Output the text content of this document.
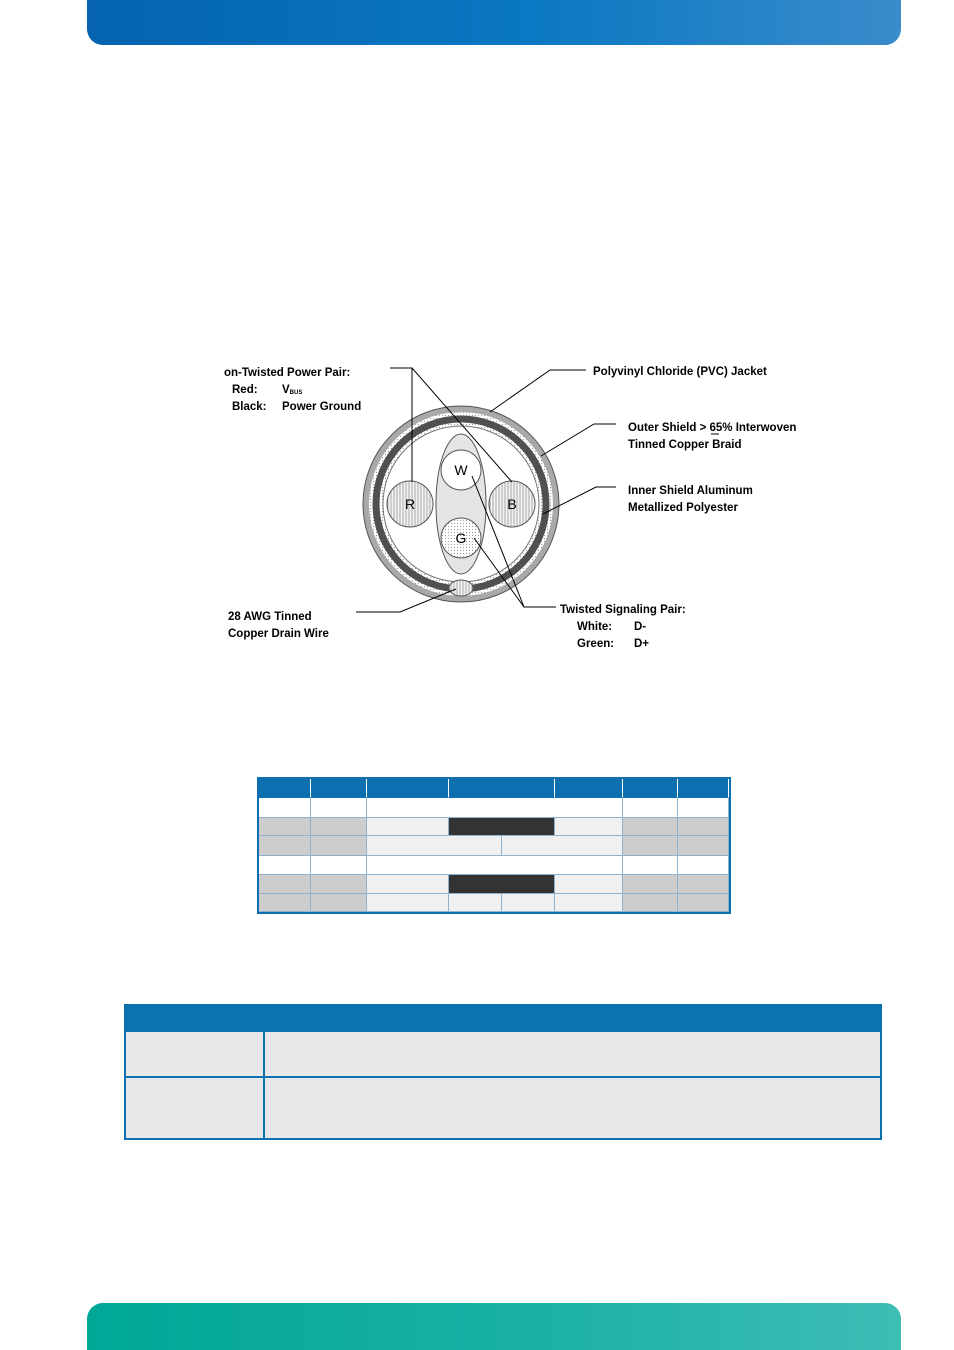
R	B
W
G
on-Twisted Power Pair:
Red: VBUS
Black: Power Ground
Polyvinyl Chloride (PVC) Jacket
Outer Shield > 65% Interwoven
Tinned Copper Braid
Inner Shield Aluminum
Metallized Polyester
28 AWG Tinned
Copper Drain Wire
Twisted Signaling Pair:
White: D-
Green: D+
